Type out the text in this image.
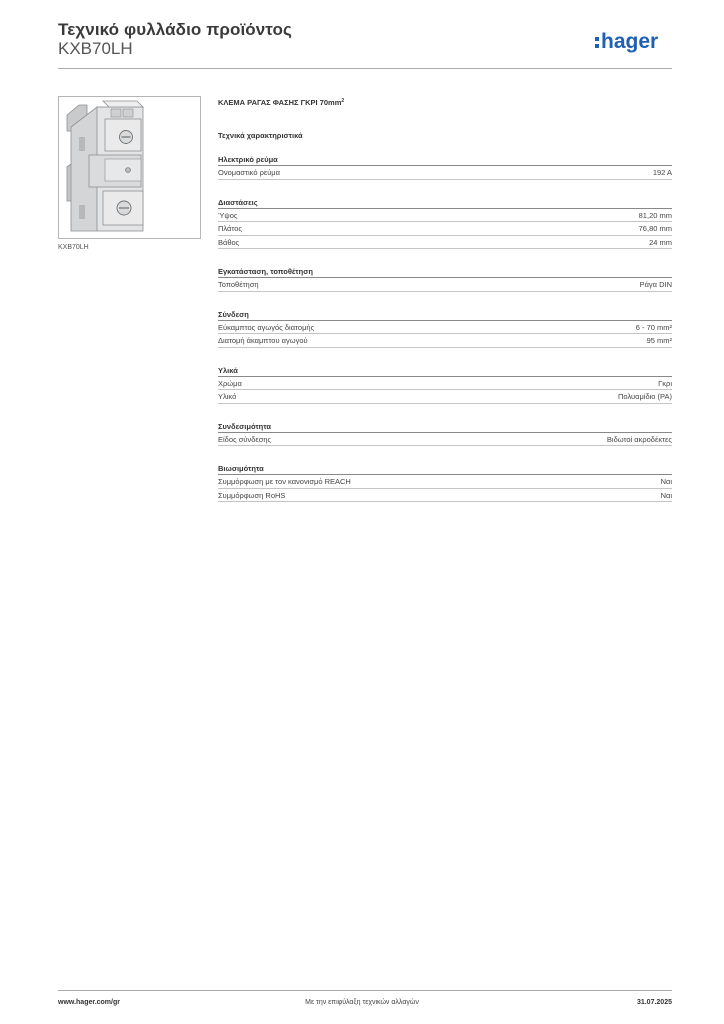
Τεχνικό φυλλάδιο προϊόντος
KXB70LH	hager
KXB70LH
ΚΛΕΜΑ ΡΑΓΑΣ ΦΑΣΗΣ ΓΚΡΙ $70mm^2$
Τεχνικά χαρακτηριστικά
Ηλεκτρικό ρεύμα
Ονομαστικό ρεύμα	192 A
Διαστάσεις
Ύψος	81,20 mm
Πλάτος	76,80 mm
Βάθος	24 mm
Εγκατάσταση, τοποθέτηση
Τοποθέτηση	Ράγα DIN
Σύνδεση
Εύκαμπτος αγωγός διατομής	6 - 70 mm²
Διατομή άκαμπτου αγωγού	95 mm²
Υλικά
Χρώμα	Γκρι
Υλικό	Πολυαμίδιο (PA)
Συνδεσιμότητα
Είδος σύνδεσης	Βιδωτοί ακροδέκτες
Βιωσιμότητα
Συμμόρφωση με τον κανονισμό REACH	Ναι
Συμμόρφωση RoHS	Ναι
www.hager.com/gr	Με την επιφύλαξη τεχνικών αλλαγών	31.07.2025
